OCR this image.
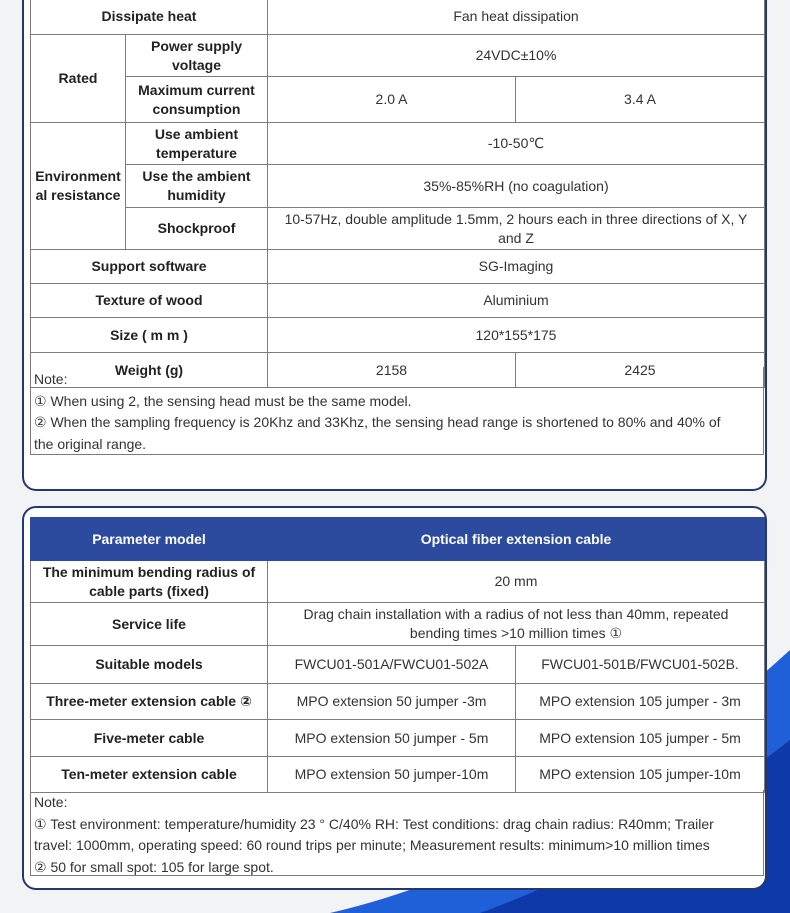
Dissipate heat		Fan heat dissipation	
Rated	Power supply voltage	24VDC±10%	
	Maximum current consumption	2.0 A	3.4 A
Environment al resistance	Use ambient temperature	-10-50℃	
	Use the ambient humidity	35%-85%RH (no coagulation)	
	Shockproof	10-57Hz, double amplitude 1.5mm, 2 hours each in three directions of X, Y and Z	
Support software		SG-Imaging	
Texture of wood		Aluminium	
Size ( m m )		120*155*175	
Weight (g)		2158	2425
Note:
① When using 2, the sensing head must be the same model.
② When the sampling frequency is 20Khz and 33Khz, the sensing head range is shortened to 80% and 40% of
the original range.
Parameter model	Optical fiber extension cable	
The minimum bending radius of cable parts (fixed)	20 mm	
Service life	Drag chain installation with a radius of not less than 40mm, repeated bending times >10 million times ①	
Suitable models	FWCU01-501A/FWCU01-502A	FWCU01-501B/FWCU01-502B.
Three-meter extension cable ②	MPO extension 50 jumper -3m	MPO extension 105 jumper - 3m
Five-meter cable	MPO extension 50 jumper - 5m	MPO extension 105 jumper - 5m
Ten-meter extension cable	MPO extension 50 jumper-10m	MPO extension 105 jumper-10m
Note:
① Test environment: temperature/humidity 23 ° C/40% RH: Test conditions: drag chain radius: R40mm; Trailer
travel: 1000mm, operating speed: 60 round trips per minute; Measurement results: minimum>10 million times
② 50 for small spot: 105 for large spot.
